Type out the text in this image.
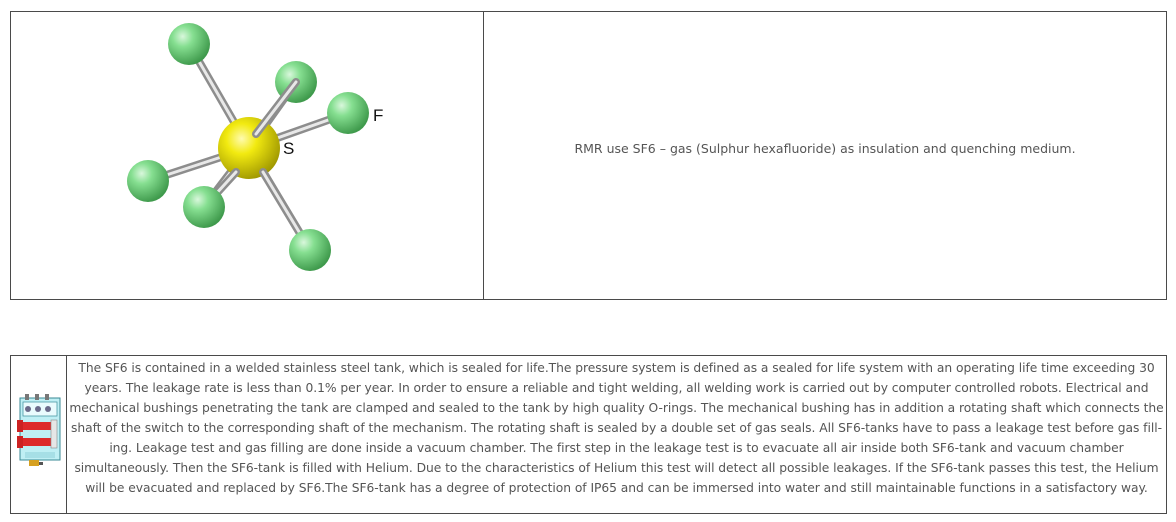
S
F
RMR use SF6 – gas (Sulphur hexafluoride) as insulation and quenching medium.
The SF6 is contained in a welded stainless steel tank, which is sealed for life.The pressure system is defined as a sealed for life system with an operating life time exceeding 30 years. The leakage rate is less than 0.1% per year. In order to ensure a reliable and tight welding, all welding work is carried out by computer controlled robots. Electrical and mechanical bushings penetrating the tank are clamped and sealed to the tank by high quality O-rings. The mechanical bushing has in addition a rotating shaft which connects the shaft of the switch to the corresponding shaft of the mechanism. The rotating shaft is sealed by a double set of gas seals. All SF6-tanks have to pass a leakage test before gas fill-ing. Leakage test and gas filling are done inside a vacuum chamber. The first step in the leakage test is to evacuate all air inside both SF6-tank and vacuum chamber simultaneously. Then the SF6-tank is filled with Helium. Due to the characteristics of Helium this test will detect all possible leakages. If the SF6-tank passes this test, the Helium will be evacuated and replaced by SF6.The SF6-tank has a degree of protection of IP65 and can be immersed into water and still maintainable functions in a satisfactory way.
